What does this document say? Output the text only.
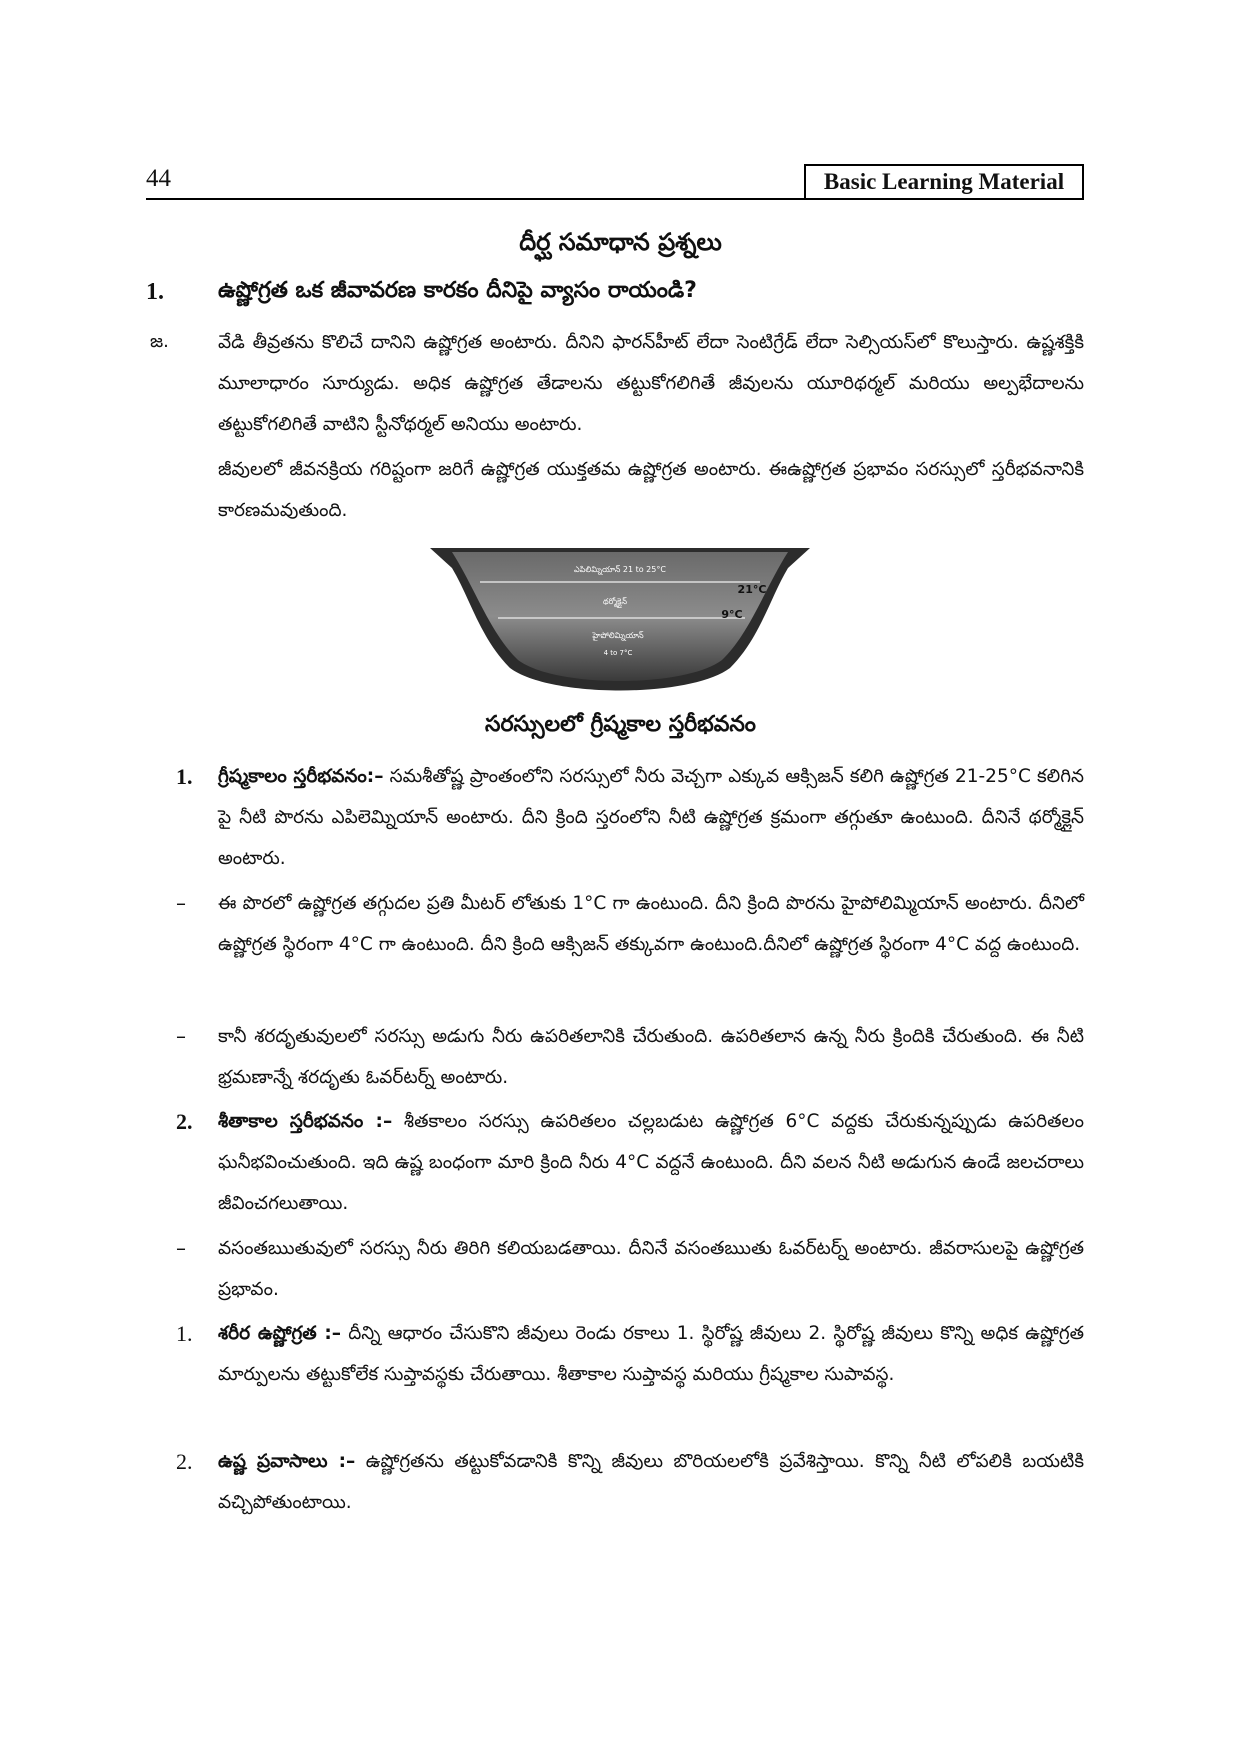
44	Basic Learning Material
దీర్ఘ సమాధాన ప్రశ్నలు
1. ఉష్ణోగ్రత ఒక జీవావరణ కారకం దీనిపై వ్యాసం రాయండి?
జ.	వేడి తీవ్రతను కొలిచే దానిని ఉష్ణోగ్రత అంటారు. దీనిని ఫారన్‌హీట్ లేదా సెంటిగ్రేడ్ లేదా సెల్సియస్‌లో కొలుస్తారు. ఉష్ణశక్తికి మూలాధారం సూర్యుడు. అధిక ఉష్ణోగ్రత తేడాలను తట్టుకోగలిగితే జీవులను యూరిథర్మల్ మరియు అల్పభేదాలను తట్టుకోగలిగితే వాటిని స్టీనోథర్మల్ అనియు అంటారు.
జీవులలో జీవనక్రియ గరిష్టంగా జరిగే ఉష్ణోగ్రత యుక్తతమ ఉష్ణోగ్రత అంటారు. ఈఉష్ణోగ్రత ప్రభావం సరస్సులో స్తరీభవనానికి కారణమవుతుంది.
ఎపిలిమ్నియాన్ 21 to 25°C
థర్మోక్లైన్
హైపోలిమ్నియాన్
4 to 7°C
21°C
9°C
సరస్సులలో గ్రీష్మకాల స్తరీభవనం
1. గ్రీష్మకాలం స్తరీభవనం:– సమశీతోష్ణ ప్రాంతంలోని సరస్సులో నీరు వెచ్చగా ఎక్కువ ఆక్సిజన్ కలిగి ఉష్ణోగ్రత 21-25°C కలిగిన పై నీటి పొరను ఎపిలెమ్నియాన్ అంటారు. దీని క్రింది స్తరంలోని నీటి ఉష్ణోగ్రత క్రమంగా తగ్గుతూ ఉంటుంది. దీనినే థర్మోక్లైన్ అంటారు.
– ఈ పొరలో ఉష్ణోగ్రత తగ్గుదల ప్రతి మీటర్ లోతుకు 1°C గా ఉంటుంది. దీని క్రింది పొరను హైపోలిమ్మియాన్ అంటారు. దీనిలో ఉష్ణోగ్రత స్థిరంగా 4°C గా ఉంటుంది. దీని క్రింది ఆక్సిజన్ తక్కువగా ఉంటుంది.దీనిలో ఉష్ణోగ్రత స్థిరంగా 4°C వద్ద ఉంటుంది.
– కానీ శరదృతువులలో సరస్సు అడుగు నీరు ఉపరితలానికి చేరుతుంది. ఉపరితలాన ఉన్న నీరు క్రిందికి చేరుతుంది. ఈ నీటి భ్రమణాన్నే శరదృతు ఓవర్‌టర్న్ అంటారు.
2. శీతాకాల స్తరీభవనం :– శీతకాలం సరస్సు ఉపరితలం చల్లబడుట ఉష్ణోగ్రత 6°C వద్దకు చేరుకున్నప్పుడు ఉపరితలం ఘనీభవించుతుంది. ఇది ఉష్ణ బంధంగా మారి క్రింది నీరు 4°C వద్దనే ఉంటుంది. దీని వలన నీటి అడుగున ఉండే జలచరాలు జీవించగలుతాయి.
– వసంతఋతువులో సరస్సు నీరు తిరిగి కలియబడతాయి. దీనినే వసంతఋతు ఓవర్‌టర్న్ అంటారు. జీవరాసులపై ఉష్ణోగ్రత ప్రభావం.
1. శరీర ఉష్ణోగ్రత :– దీన్ని ఆధారం చేసుకొని జీవులు రెండు రకాలు 1. స్థిరోష్ణ జీవులు 2. స్థిరోష్ణ జీవులు కొన్ని అధిక ఉష్ణోగ్రత మార్పులను తట్టుకోలేక సుప్తావస్థకు చేరుతాయి. శీతాకాల సుప్తావస్థ మరియు గ్రీష్మకాల సుపావస్థ.
2. ఉష్ణ ప్రవాసాలు :– ఉష్ణోగ్రతను తట్టుకోవడానికి కొన్ని జీవులు బొరియలలోకి ప్రవేశిస్తాయి. కొన్ని నీటి లోపలికి బయటికి వచ్చిపోతుంటాయి.
